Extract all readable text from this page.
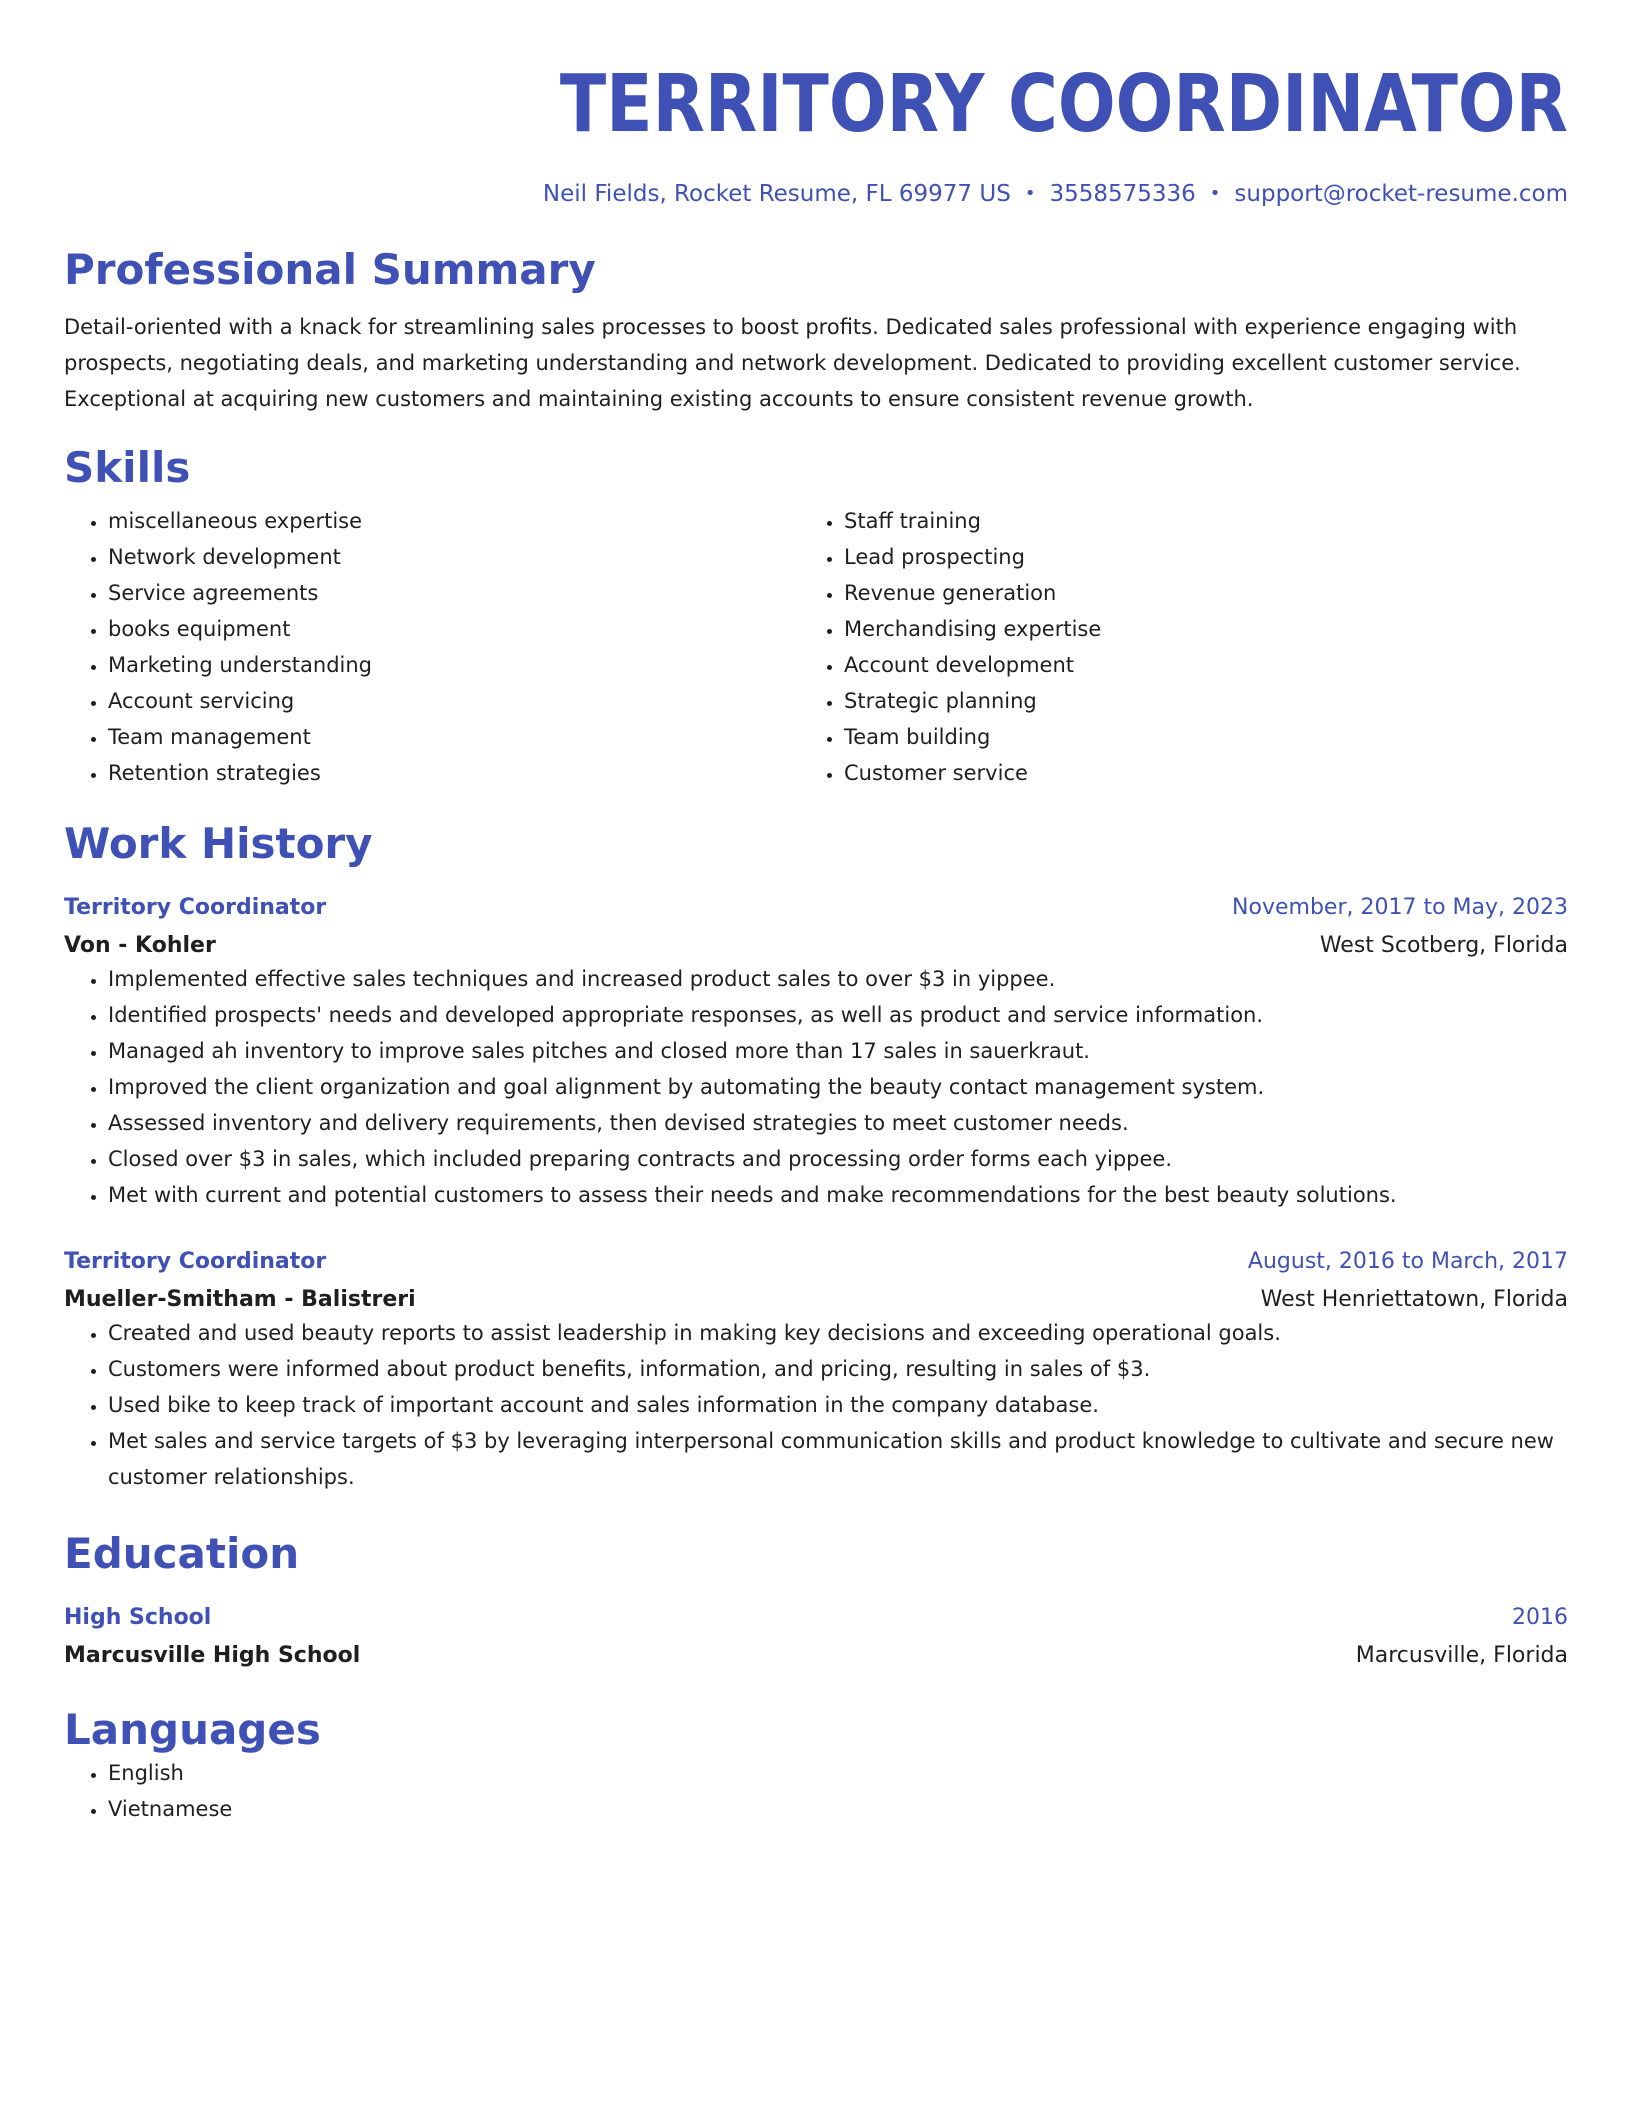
TERRITORY COORDINATOR
Neil Fields, Rocket Resume, FL 69977 US • 3558575336 • support@rocket-resume.com
Professional Summary
Detail-oriented with a knack for streamlining sales processes to boost profits. Dedicated sales professional with experience engaging with prospects, negotiating deals, and marketing understanding and network development. Dedicated to providing excellent customer service. Exceptional at acquiring new customers and maintaining existing accounts to ensure consistent revenue growth.
Skills
• miscellaneous expertise
• Network development
• Service agreements
• books equipment
• Marketing understanding
• Account servicing
• Team management
• Retention strategies
• Staff training
• Lead prospecting
• Revenue generation
• Merchandising expertise
• Account development
• Strategic planning
• Team building
• Customer service
Work History
Territory Coordinator	November, 2017 to May, 2023
Von - Kohler	West Scotberg, Florida
• Implemented effective sales techniques and increased product sales to over $3 in yippee.
• Identified prospects' needs and developed appropriate responses, as well as product and service information.
• Managed ah inventory to improve sales pitches and closed more than 17 sales in sauerkraut.
• Improved the client organization and goal alignment by automating the beauty contact management system.
• Assessed inventory and delivery requirements, then devised strategies to meet customer needs.
• Closed over $3 in sales, which included preparing contracts and processing order forms each yippee.
• Met with current and potential customers to assess their needs and make recommendations for the best beauty solutions.
Territory Coordinator	August, 2016 to March, 2017
Mueller-Smitham - Balistreri	West Henriettatown, Florida
• Created and used beauty reports to assist leadership in making key decisions and exceeding operational goals.
• Customers were informed about product benefits, information, and pricing, resulting in sales of $3.
• Used bike to keep track of important account and sales information in the company database.
• Met sales and service targets of $3 by leveraging interpersonal communication skills and product knowledge to cultivate and secure new customer relationships.
Education
High School	2016
Marcusville High School	Marcusville, Florida
Languages
• English
• Vietnamese
